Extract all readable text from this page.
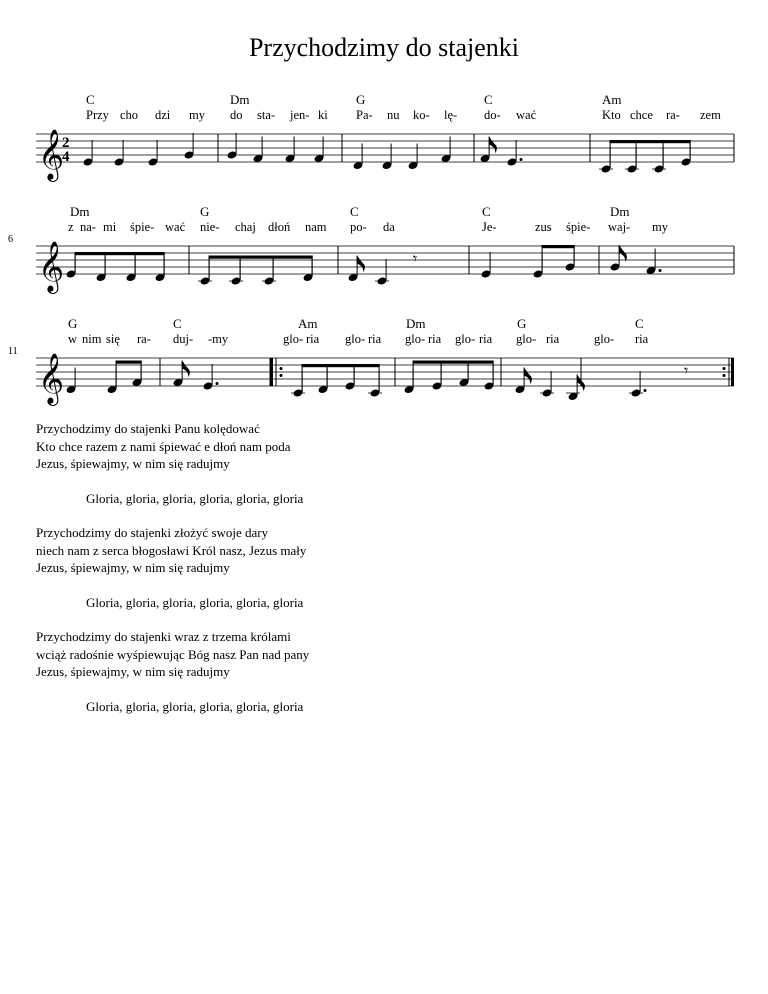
Przychodzimy do stajenki
C	Dm	G	C	Am
Przy cho dzi my do sta- jen- ki Pa- nu ko- lę- do- wać	Kto chce ra- zem
𝄞
2
4
Dm	G	C	C	Dm
z na- mi śpie- wać nie- chaj dłoń nam po- da	Je-	zus śpie- waj- my
6
𝄞	𝄾
G	C	Am	Dm	G	C
w nim się ra- duj- -my	glo- ria glo- ria glo- ria glo- ria glo- ria	glo- ria
11
𝄞	𝄾
Przychodzimy do stajenki Panu kolędować
Kto chce razem z nami śpiewać e dłoń nam poda
Jezus, śpiewajmy, w nim się radujmy
Gloria, gloria, gloria, gloria, gloria, gloria
Przychodzimy do stajenki złożyć swoje dary
niech nam z serca błogosławi Król nasz, Jezus mały
Jezus, śpiewajmy, w nim się radujmy
Gloria, gloria, gloria, gloria, gloria, gloria
Przychodzimy do stajenki wraz z trzema królami
wciąż radośnie wyśpiewując Bóg nasz Pan nad pany
Jezus, śpiewajmy, w nim się radujmy
Gloria, gloria, gloria, gloria, gloria, gloria
